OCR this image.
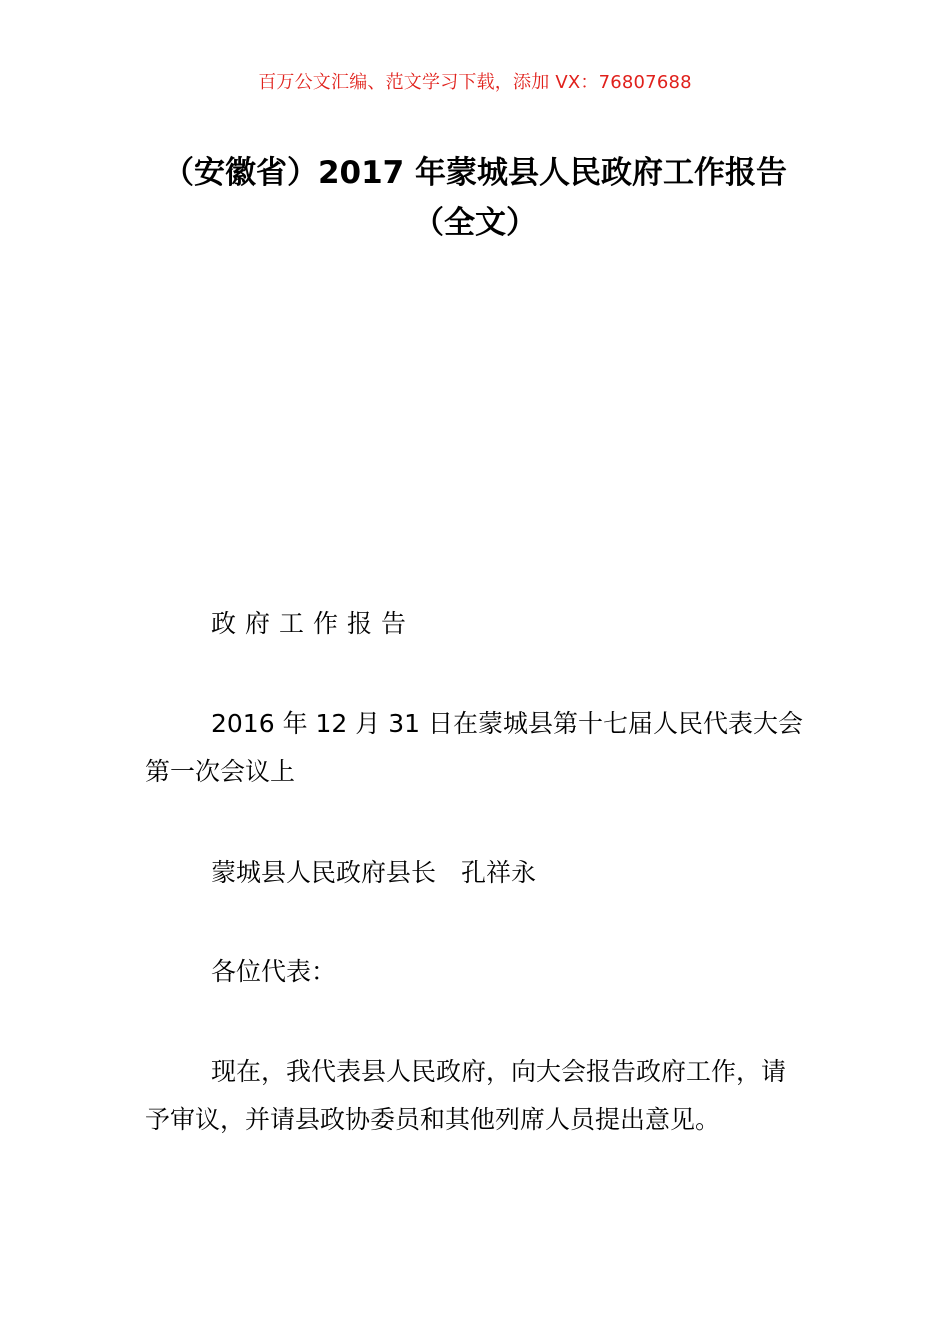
百万公文汇编、范文学习下载，添加 VX：76807688
（安徽省）2017 年蒙城县人民政府工作报告（全文）

政府工作报告

2016 年 12 月 31 日在蒙城县第十七届人民代表大会第一次会议上

蒙城县人民政府县长　孔祥永

各位代表：

现在，我代表县人民政府，向大会报告政府工作，请予审议，并请县政协委员和其他列席人员提出意见。
